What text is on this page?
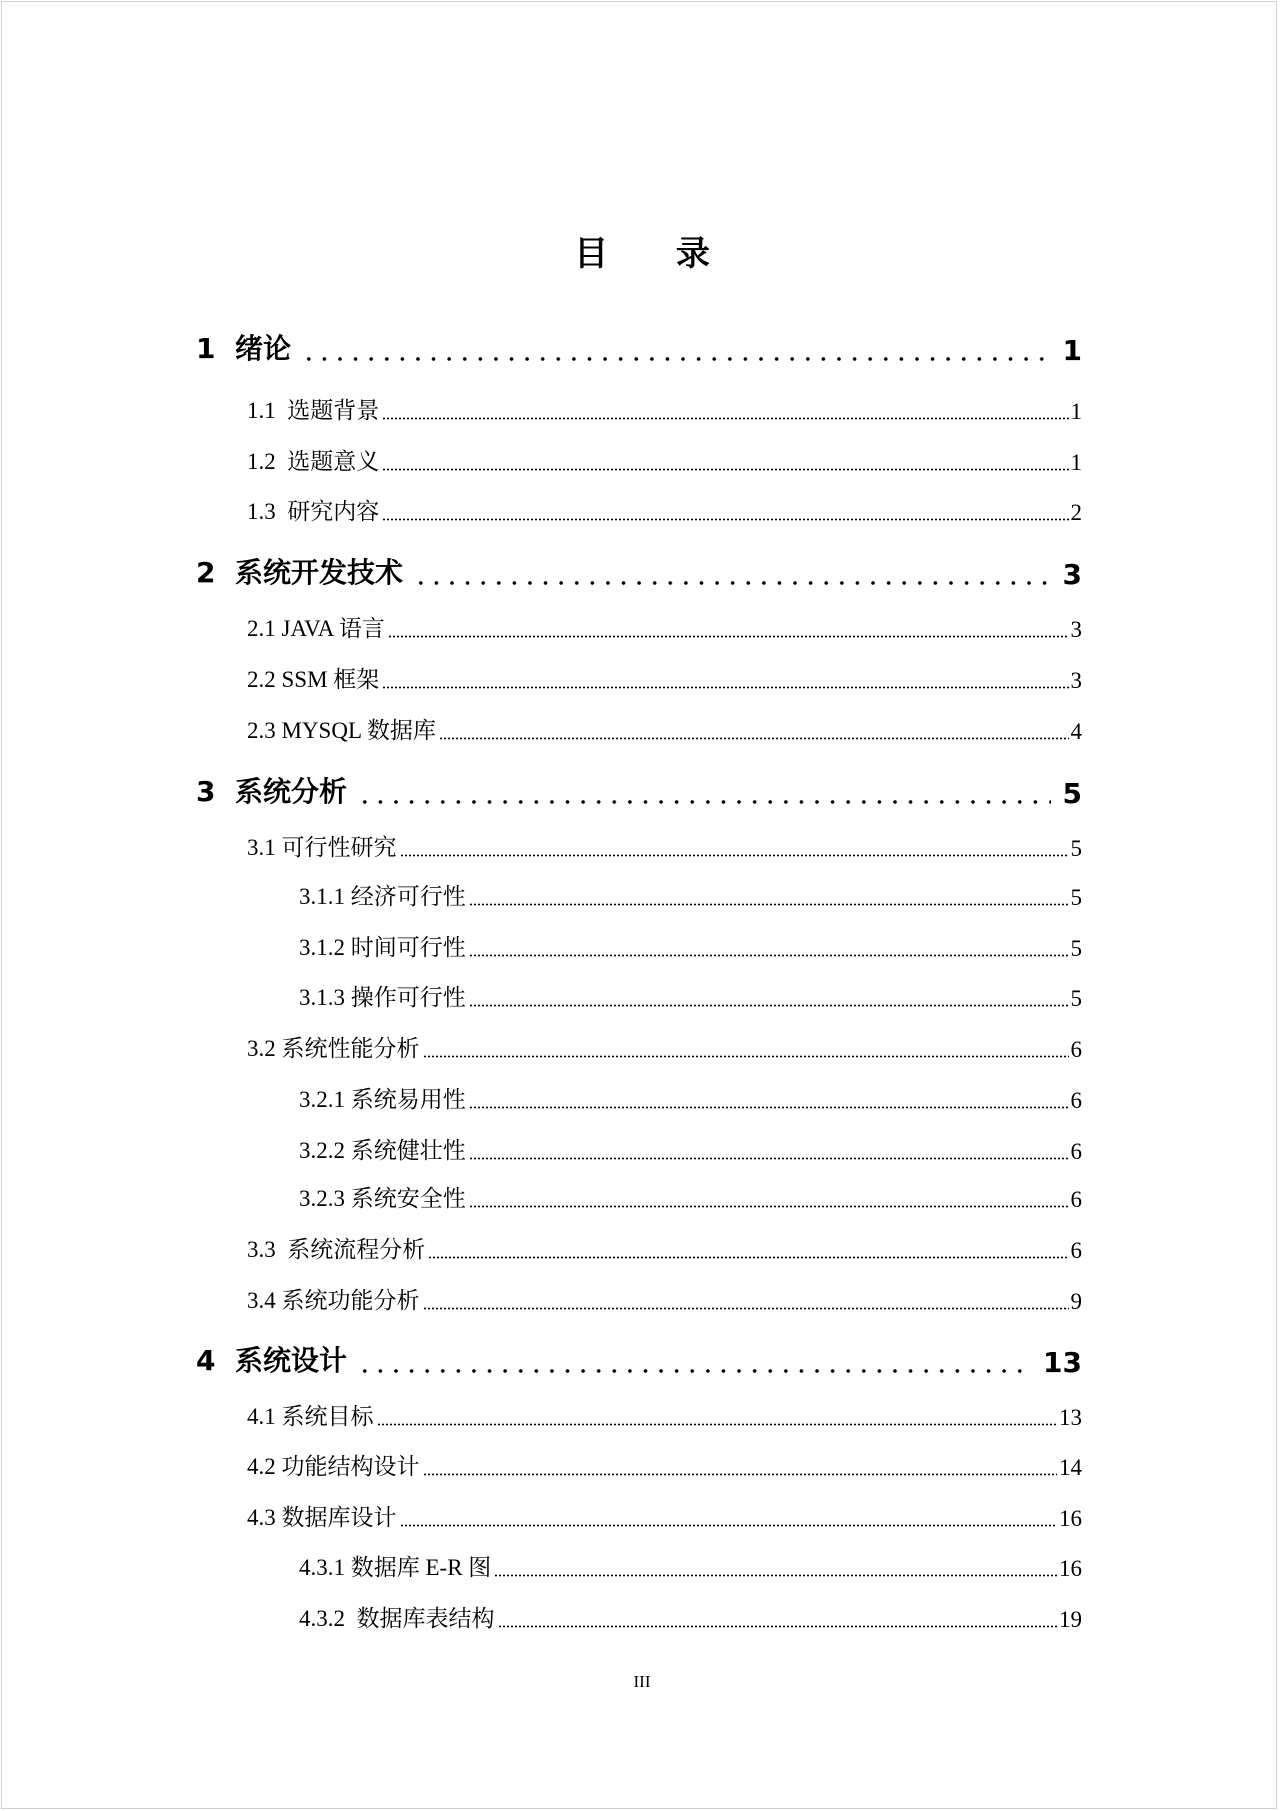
目 录
1  绪论	1
1.1  选题背景	1
1.2  选题意义	1
1.3  研究内容	2
2  系统开发技术	3
2.1 JAVA 语言	3
2.2 SSM 框架	3
2.3 MYSQL 数据库	4
3  系统分析	5
3.1 可行性研究	5
3.1.1 经济可行性	5
3.1.2 时间可行性	5
3.1.3 操作可行性	5
3.2 系统性能分析	6
3.2.1 系统易用性	6
3.2.2 系统健壮性	6
3.2.3 系统安全性	6
3.3  系统流程分析	6
3.4 系统功能分析	9
4  系统设计	13
4.1 系统目标	13
4.2 功能结构设计	14
4.3 数据库设计	16
4.3.1 数据库 E-R 图	16
4.3.2  数据库表结构	19
III
